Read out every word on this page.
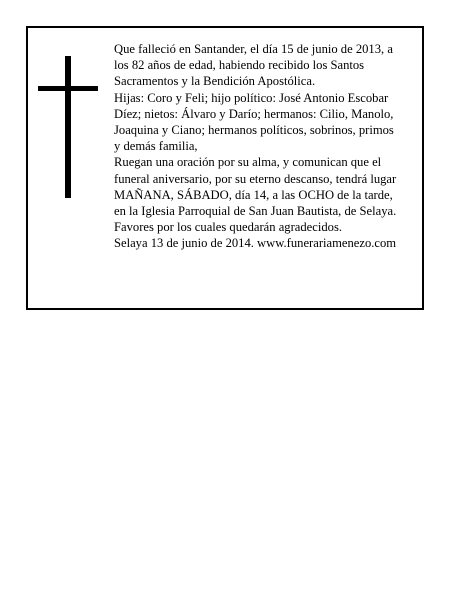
Que falleció en Santander, el día 15 de junio de 2013, a
los 82 años de edad, habiendo recibido los Santos
Sacramentos y la Bendición Apostólica.
Hijas: Coro y Feli; hijo político: José Antonio Escobar
Díez; nietos: Álvaro y Darío; hermanos: Cilio, Manolo,
Joaquina y Ciano; hermanos políticos, sobrinos, primos
y demás familia,
Ruegan una oración por su alma, y comunican que el
funeral aniversario, por su eterno descanso, tendrá lugar
MAÑANA, SÁBADO, día 14, a las OCHO de la tarde,
en la Iglesia Parroquial de San Juan Bautista, de Selaya.
Favores por los cuales quedarán agradecidos.
Selaya 13 de junio de 2014. www.funerariamenezo.com
